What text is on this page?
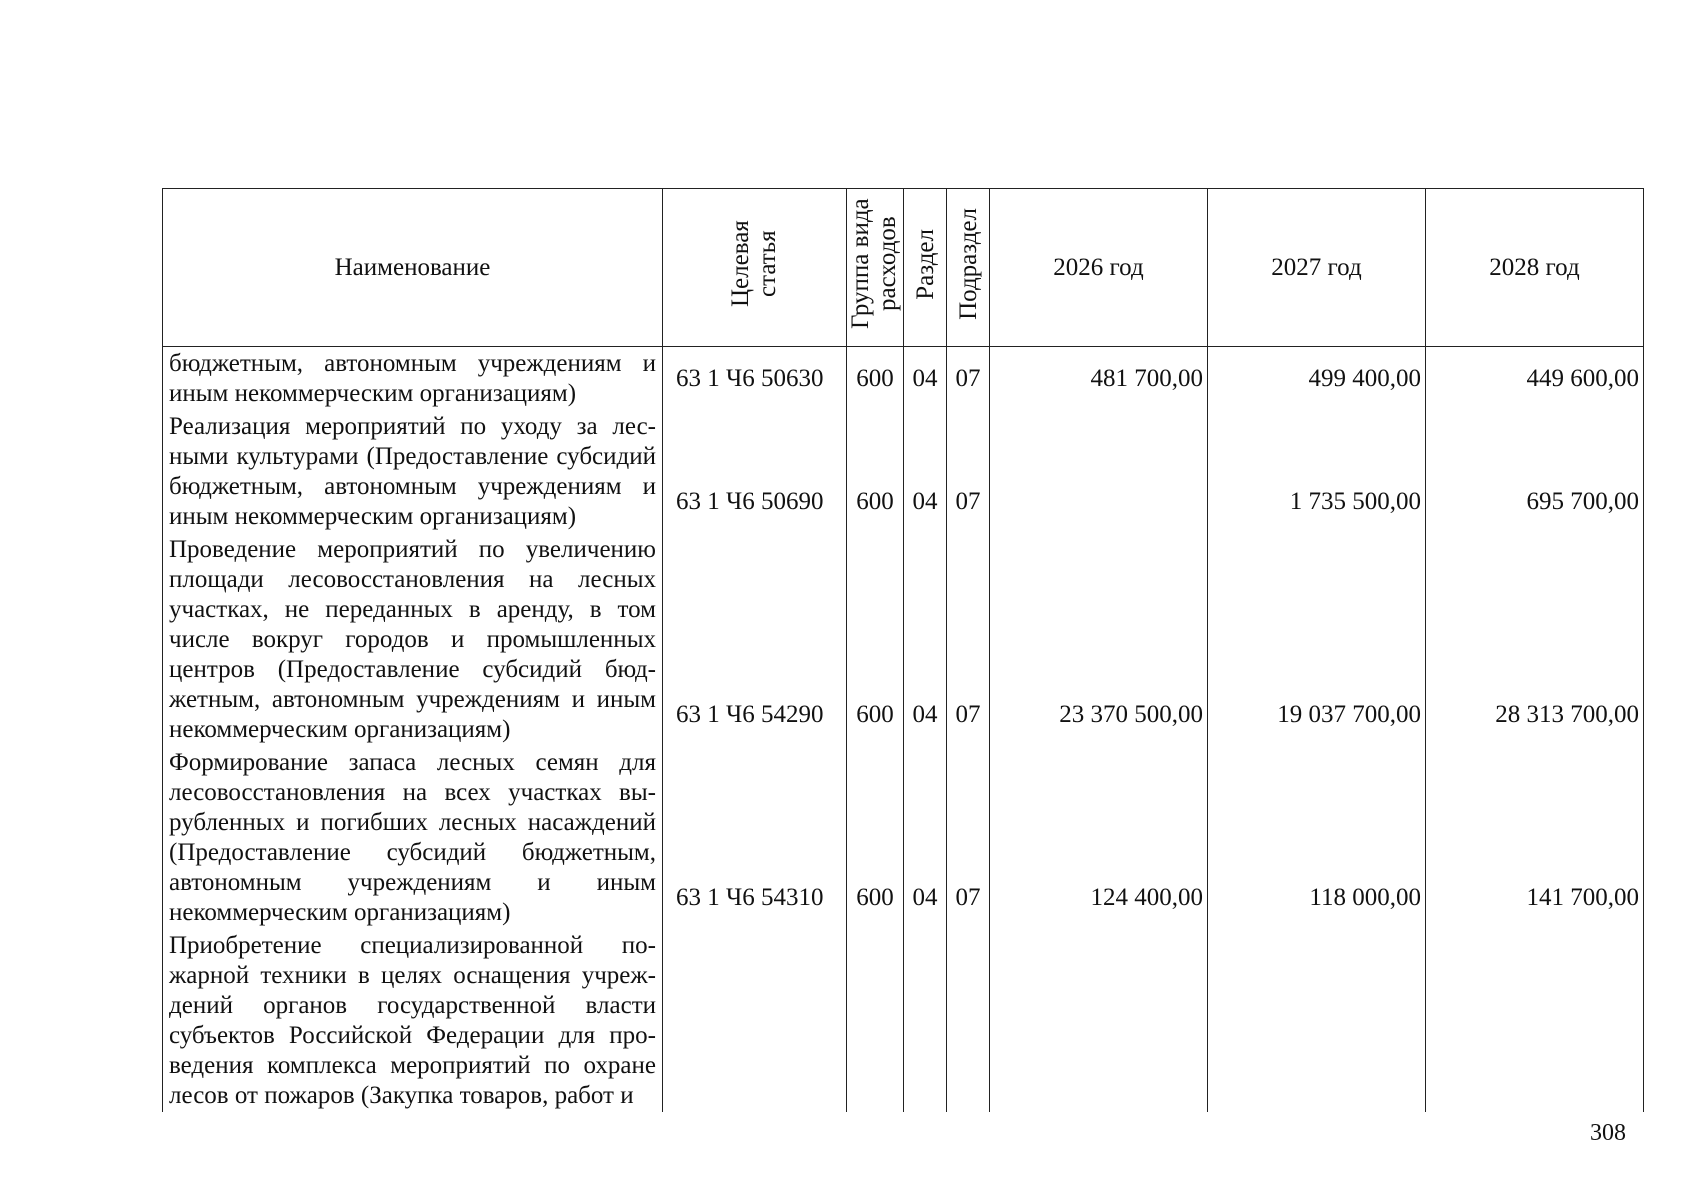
Наименование	Целевая статья	Группа вида расходов	Раздел	Подраздел	2026 год	2027 год	2028 год
бюджетным, автономным учреждениям и иным некоммерческим организациям)	63 1 Ч6 50630	600	04	07	481 700,00	499 400,00	449 600,00
Реализация мероприятий по уходу за лесными культурами (Предоставление субсидий бюджетным, автономным учреждениям и иным некоммерческим организациям)	63 1 Ч6 50690	600	04	07		1 735 500,00	695 700,00
Проведение мероприятий по увеличению площади лесовосстановления на лесных участках, не переданных в аренду, в том числе вокруг городов и промышленных центров (Предоставление субсидий бюджетным, автономным учреждениям и иным некоммерческим организациям)	63 1 Ч6 54290	600	04	07	23 370 500,00	19 037 700,00	28 313 700,00
Формирование запаса лесных семян для лесовосстановления на всех участках вырубленных и погибших лесных насаждений (Предоставление субсидий бюджетным, автономным учреждениям и иным некоммерческим организациям)	63 1 Ч6 54310	600	04	07	124 400,00	118 000,00	141 700,00
Приобретение специализированной пожарной техники в целях оснащения учреждений органов государственной власти субъектов Российской Федерации для проведения комплекса мероприятий по охране лесов от пожаров (Закупка товаров, работ и							
308
